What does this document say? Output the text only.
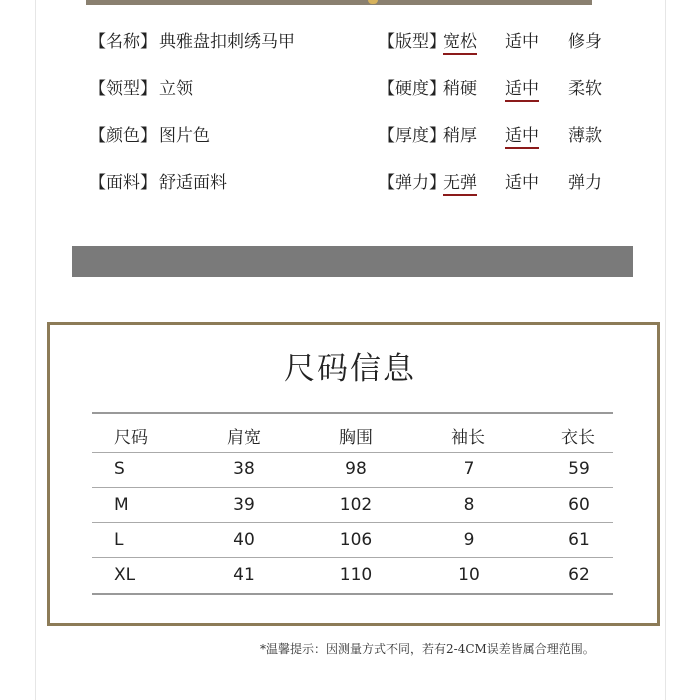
【名称】 典雅盘扣刺绣马甲
【领型】 立领
【颜色】 图片色
【面料】 舒适面料
【版型】
宽松 适中 修身
【硬度】
稍硬 适中 柔软
【厚度】
稍厚 适中 薄款
【弹力】
无弹 适中 弹力
尺码信息
尺码	肩宽	胸围	袖长	衣长
S	38	98	7	59
M	39	102	8	60
L	40	106	9	61
XL	41	110	10	62
*温馨提示：因测量方式不同，若有2-4CM误差皆属合理范围。
